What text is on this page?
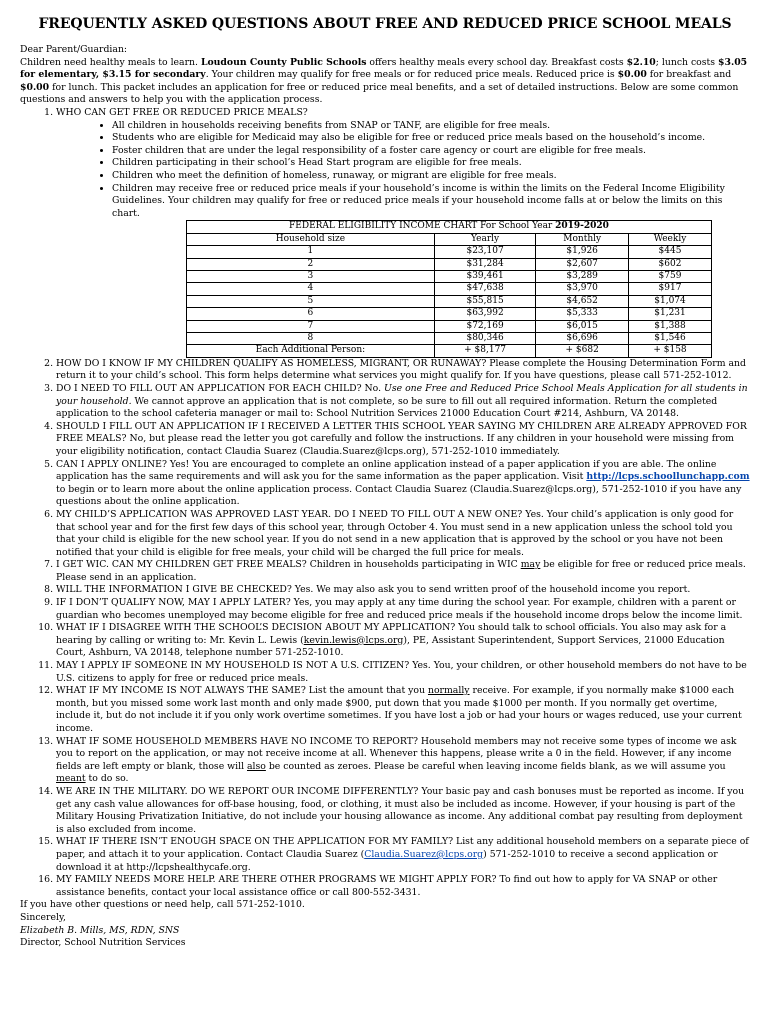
FREQUENTLY ASKED QUESTIONS ABOUT FREE AND REDUCED PRICE SCHOOL MEALS

Dear Parent/Guardian:

Children need healthy meals to learn. Loudoun County Public Schools offers healthy meals every school day. Breakfast costs $2.10; lunch costs $3.05 for elementary, $3.15 for secondary. Your children may qualify for free meals or for reduced price meals. Reduced price is $0.00 for breakfast and $0.00 for lunch. This packet includes an application for free or reduced price meal benefits, and a set of detailed instructions. Below are some common questions and answers to help you with the application process.

1. WHO CAN GET FREE OR REDUCED PRICE MEALS?
• All children in households receiving benefits from SNAP or TANF, are eligible for free meals.
• Students who are eligible for Medicaid may also be eligible for free or reduced price meals based on the household’s income.
• Foster children that are under the legal responsibility of a foster care agency or court are eligible for free meals.
• Children participating in their school’s Head Start program are eligible for free meals.
• Children who meet the definition of homeless, runaway, or migrant are eligible for free meals.
• Children may receive free or reduced price meals if your household’s income is within the limits on the Federal Income Eligibility Guidelines. Your children may qualify for free or reduced price meals if your household income falls at or below the limits on this chart.
FEDERAL ELIGIBILITY INCOME CHART For School Year 2019-2020			
Household size	Yearly	Monthly	Weekly
1	$23,107	$1,926	$445
2	$31,284	$2,607	$602
3	$39,461	$3,289	$759
4	$47,638	$3,970	$917
5	$55,815	$4,652	$1,074
6	$63,992	$5,333	$1,231
7	$72,169	$6,015	$1,388
8	$80,346	$6,696	$1,546
Each Additional Person:	+ $8,177	+ $682	+ $158
2. HOW DO I KNOW IF MY CHILDREN QUALIFY AS HOMELESS, MIGRANT, OR RUNAWAY? Please complete the Housing Determination Form and return it to your child’s school. This form helps determine what services you might qualify for. If you have questions, please call 571-252-1012.
3. DO I NEED TO FILL OUT AN APPLICATION FOR EACH CHILD? No. Use one Free and Reduced Price School Meals Application for all students in your household. We cannot approve an application that is not complete, so be sure to fill out all required information. Return the completed application to the school cafeteria manager or mail to: School Nutrition Services 21000 Education Court #214, Ashburn, VA 20148.
4. SHOULD I FILL OUT AN APPLICATION IF I RECEIVED A LETTER THIS SCHOOL YEAR SAYING MY CHILDREN ARE ALREADY APPROVED FOR FREE MEALS? No, but please read the letter you got carefully and follow the instructions. If any children in your household were missing from your eligibility notification, contact Claudia Suarez (Claudia.Suarez@lcps.org), 571-252-1010 immediately.
5. CAN I APPLY ONLINE? Yes! You are encouraged to complete an online application instead of a paper application if you are able. The online application has the same requirements and will ask you for the same information as the paper application. Visit http://lcps.schoollunchapp.com to begin or to learn more about the online application process. Contact Claudia Suarez (Claudia.Suarez@lcps.org), 571-252-1010 if you have any questions about the online application.
6. MY CHILD’S APPLICATION WAS APPROVED LAST YEAR. DO I NEED TO FILL OUT A NEW ONE? Yes. Your child’s application is only good for that school year and for the first few days of this school year, through October 4. You must send in a new application unless the school told you that your child is eligible for the new school year. If you do not send in a new application that is approved by the school or you have not been notified that your child is eligible for free meals, your child will be charged the full price for meals.
7. I GET WIC. CAN MY CHILDREN GET FREE MEALS? Children in households participating in WIC may be eligible for free or reduced price meals. Please send in an application.
8. WILL THE INFORMATION I GIVE BE CHECKED? Yes. We may also ask you to send written proof of the household income you report.
9. IF I DON’T QUALIFY NOW, MAY I APPLY LATER? Yes, you may apply at any time during the school year. For example, children with a parent or guardian who becomes unemployed may become eligible for free and reduced price meals if the household income drops below the income limit.
10. WHAT IF I DISAGREE WITH THE SCHOOL’S DECISION ABOUT MY APPLICATION? You should talk to school officials. You also may ask for a hearing by calling or writing to: Mr. Kevin L. Lewis (kevin.lewis@lcps.org), PE, Assistant Superintendent, Support Services, 21000 Education Court, Ashburn, VA 20148, telephone number 571-252-1010.
11. MAY I APPLY IF SOMEONE IN MY HOUSEHOLD IS NOT A U.S. CITIZEN? Yes. You, your children, or other household members do not have to be U.S. citizens to apply for free or reduced price meals.
12. WHAT IF MY INCOME IS NOT ALWAYS THE SAME? List the amount that you normally receive. For example, if you normally make $1000 each month, but you missed some work last month and only made $900, put down that you made $1000 per month. If you normally get overtime, include it, but do not include it if you only work overtime sometimes. If you have lost a job or had your hours or wages reduced, use your current income.
13. WHAT IF SOME HOUSEHOLD MEMBERS HAVE NO INCOME TO REPORT? Household members may not receive some types of income we ask you to report on the application, or may not receive income at all. Whenever this happens, please write a 0 in the field. However, if any income fields are left empty or blank, those will also be counted as zeroes. Please be careful when leaving income fields blank, as we will assume you meant to do so.
14. WE ARE IN THE MILITARY. DO WE REPORT OUR INCOME DIFFERENTLY? Your basic pay and cash bonuses must be reported as income. If you get any cash value allowances for off-base housing, food, or clothing, it must also be included as income. However, if your housing is part of the Military Housing Privatization Initiative, do not include your housing allowance as income. Any additional combat pay resulting from deployment is also excluded from income.
15. WHAT IF THERE ISN’T ENOUGH SPACE ON THE APPLICATION FOR MY FAMILY? List any additional household members on a separate piece of paper, and attach it to your application. Contact Claudia Suarez (Claudia.Suarez@lcps.org) 571-252-1010 to receive a second application or download it at http://lcpshealthycafe.org.
16. MY FAMILY NEEDS MORE HELP. ARE THERE OTHER PROGRAMS WE MIGHT APPLY FOR? To find out how to apply for VA SNAP or other assistance benefits, contact your local assistance office or call 800-552-3431.

If you have other questions or need help, call 571-252-1010.

Sincerely,

Elizabeth B. Mills, MS, RDN, SNS

Director, School Nutrition Services
